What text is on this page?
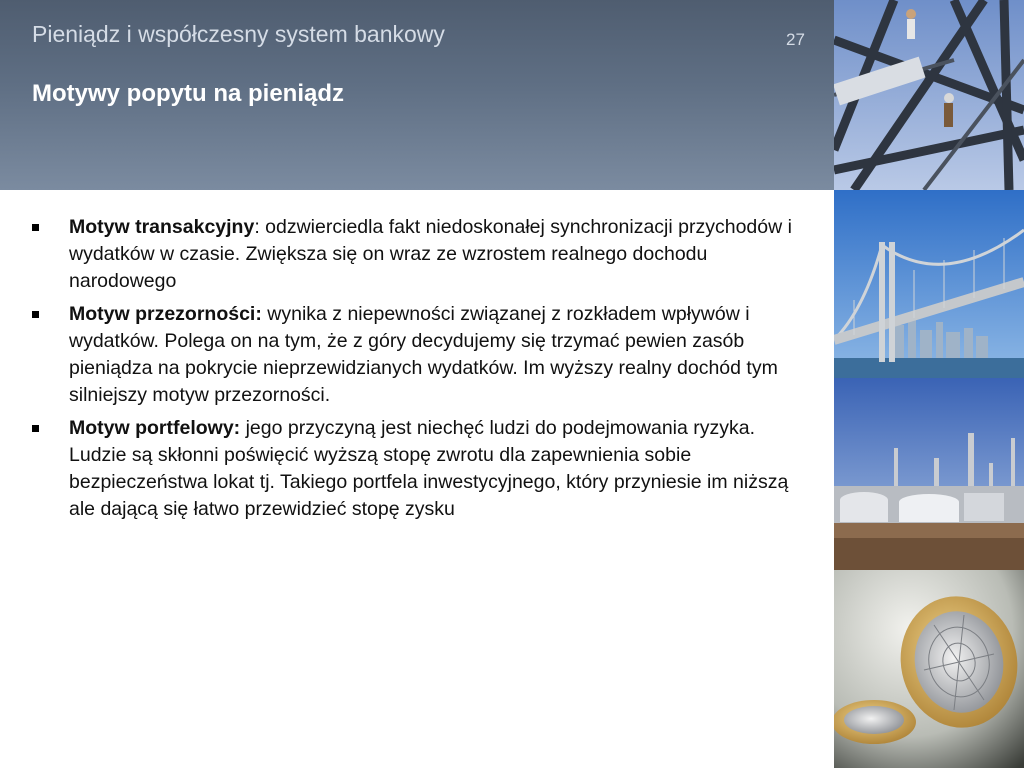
Pieniądz i współczesny system bankowy	27
Motywy popytu na pieniądz
Motyw transakcyjny: odzwierciedla fakt niedoskonałej synchronizacji przychodów i wydatków w czasie. Zwiększa się on wraz ze wzrostem realnego dochodu narodowego
Motyw przezorności: wynika z niepewności związanej z rozkładem wpływów i wydatków. Polega on na tym, że z góry decydujemy się trzymać pewien zasób pieniądza na pokrycie nieprzewidzianych wydatków. Im wyższy realny dochód tym silniejszy motyw przezorności.
Motyw portfelowy: jego przyczyną jest niechęć ludzi do podejmowania ryzyka. Ludzie są skłonni poświęcić wyższą stopę zwrotu dla zapewnienia sobie bezpieczeństwa lokat tj. Takiego portfela inwestycyjnego, który przyniesie im niższą ale dającą się łatwo przewidzieć stopę zysku
